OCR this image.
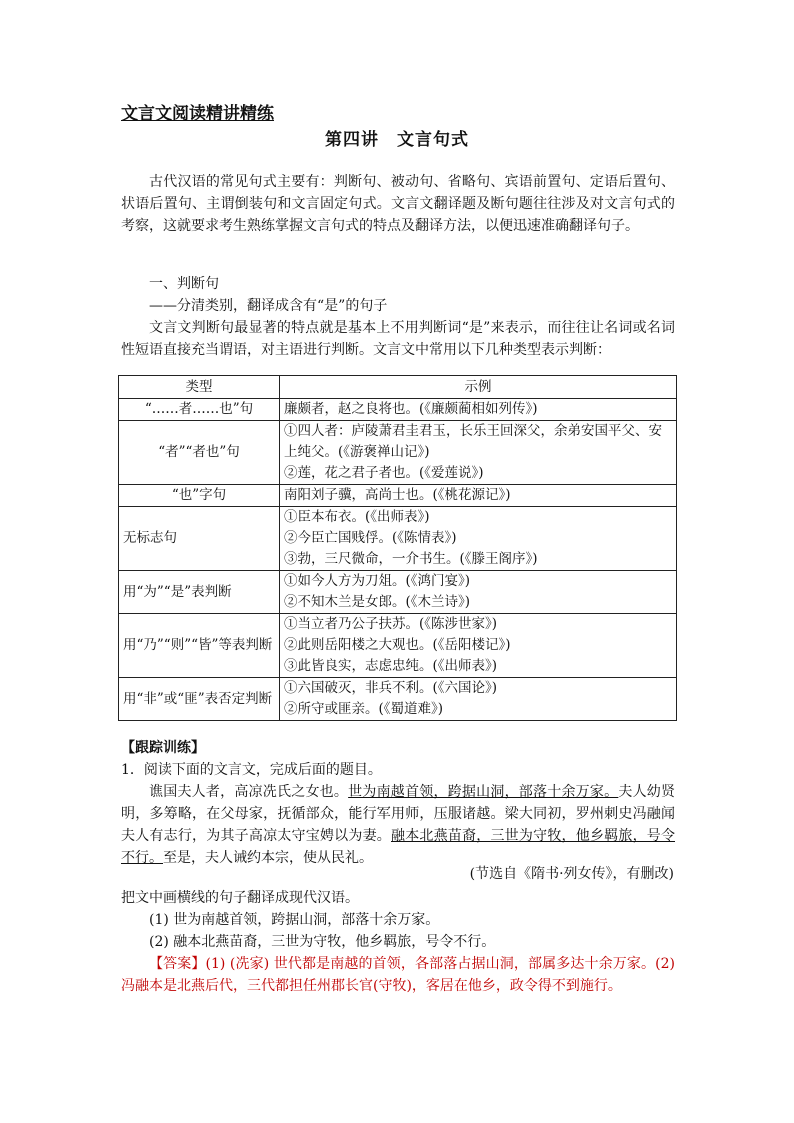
文言文阅读精讲精练
第四讲　文言句式
古代汉语的常见句式主要有：判断句、被动句、省略句、宾语前置句、定语后置句、状语后置句、主谓倒装句和文言固定句式。文言文翻译题及断句题往往涉及对文言句式的考察，这就要求考生熟练掌握文言句式的特点及翻译方法，以便迅速准确翻译句子。
一、判断句
——分清类别，翻译成含有“是”的句子
文言文判断句最显著的特点就是基本上不用判断词“是”来表示，而往往让名词或名词性短语直接充当谓语，对主语进行判断。文言文中常用以下几种类型表示判断：
类型	示例
“……者……也”句	廉颇者，赵之良将也。(《廉颇蔺相如列传》)

“者”“者也”句	①四人者：庐陵萧君圭君玉，长乐王回深父，余弟安国平父、安上纯父。(《游褒禅山记》)
②莲，花之君子者也。(《爱莲说》)

“也”字句	南阳刘子骥，高尚士也。(《桃花源记》)

无标志句	①臣本布衣。(《出师表》)
②今臣亡国贱俘。(《陈情表》)
③勃，三尺微命，一介书生。(《滕王阁序》)

用“为”“是”表判断	①如今人方为刀俎。(《鸿门宴》)
②不知木兰是女郎。(《木兰诗》)

用“乃”“则”“皆”等表判断	①当立者乃公子扶苏。(《陈涉世家》)
②此则岳阳楼之大观也。(《岳阳楼记》)
③此皆良实，志虑忠纯。(《出师表》)

用“非”或“匪”表否定判断	①六国破灭，非兵不利。(《六国论》)
②所守或匪亲。(《蜀道难》)
【跟踪训练】
1．阅读下面的文言文，完成后面的题目。
谯国夫人者，高凉冼氏之女也。世为南越首领，跨据山洞，部落十余万家。夫人幼贤明，多筹略，在父母家，抚循部众，能行军用师，压服诸越。梁大同初，罗州刺史冯融闻夫人有志行，为其子高凉太守宝娉以为妻。融本北燕苗裔，三世为守牧，他乡羁旅，号令不行。至是，夫人诫约本宗，使从民礼。
(节选自《隋书·列女传》，有删改)
把文中画横线的句子翻译成现代汉语。
(1) 世为南越首领，跨据山洞，部落十余万家。
(2) 融本北燕苗裔，三世为守牧，他乡羁旅，号令不行。
【答案】(1) (冼家) 世代都是南越的首领，各部落占据山洞，部属多达十余万家。(2) 冯融本是北燕后代，三代都担任州郡长官(守牧)，客居在他乡，政令得不到施行。
